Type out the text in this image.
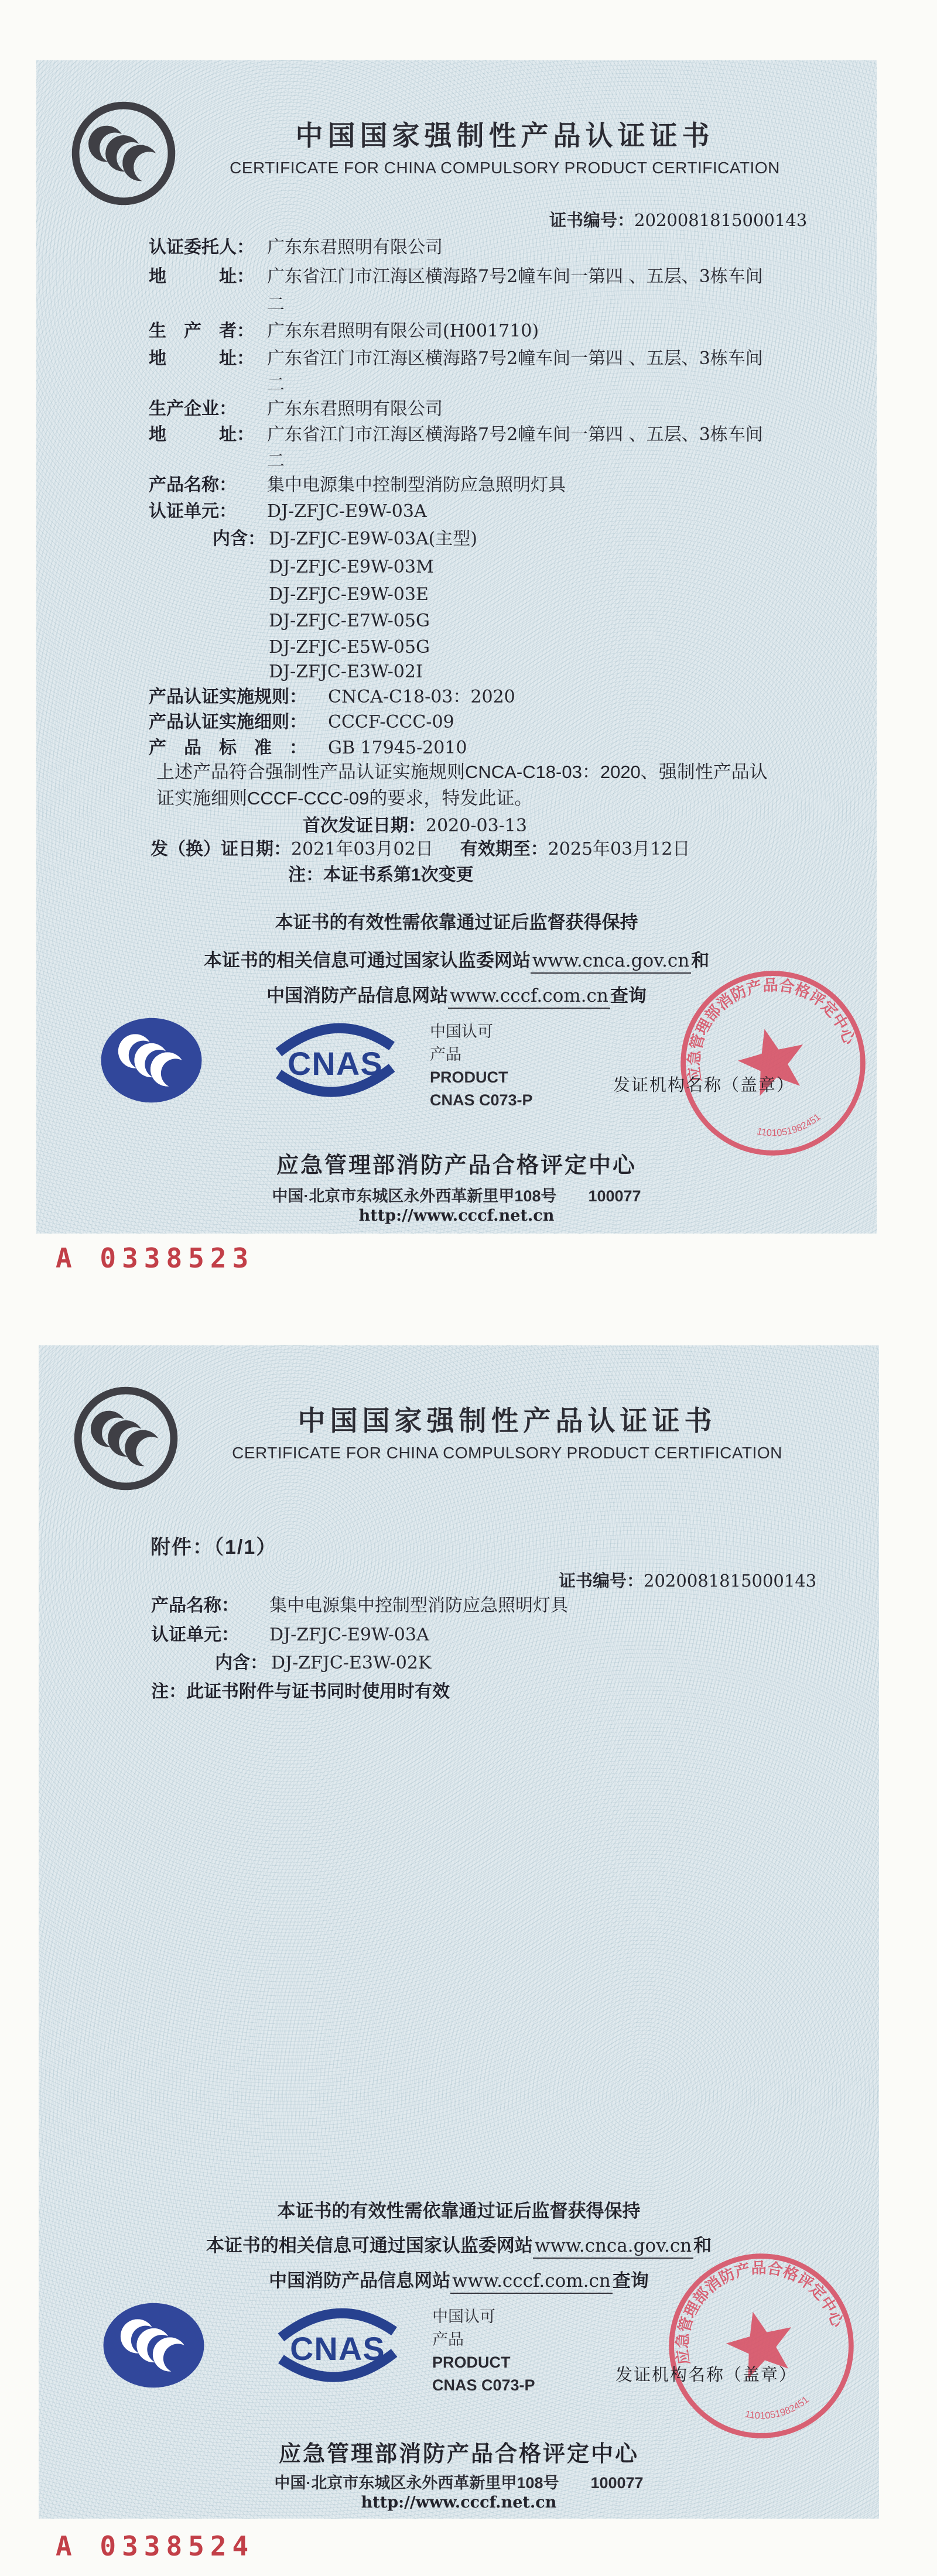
中国国家强制性产品认证证书
CERTIFICATE FOR CHINA COMPULSORY PRODUCT CERTIFICATION
证书编号：2020081815000143
认证委托人： 广东东君照明有限公司
地　　　址： 广东省江门市江海区横海路7号2幢车间一第四 、五层、3栋车间
二
生　产　者： 广东东君照明有限公司(H001710)
地　　　址： 广东省江门市江海区横海路7号2幢车间一第四 、五层、3栋车间
二
生产企业： 广东东君照明有限公司
地　　　址： 广东省江门市江海区横海路7号2幢车间一第四 、五层、3栋车间
二
产品名称： 集中电源集中控制型消防应急照明灯具
认证单元： DJ-ZFJC-E9W-03A
内含： DJ-ZFJC-E9W-03A(主型)
DJ-ZFJC-E9W-03M
DJ-ZFJC-E9W-03E
DJ-ZFJC-E7W-05G
DJ-ZFJC-E5W-05G
DJ-ZFJC-E3W-02I
产品认证实施规则： CNCA-C18-03：2020
产品认证实施细则： CCCF-CCC-09
产　品　标　准　： GB 17945-2010
上述产品符合强制性产品认证实施规则CNCA-C18-03：2020、强制性产品认
证实施细则CCCF-CCC-09的要求，特发此证。
首次发证日期：2020-03-13
发（换）证日期：2021年03月02日 有效期至：2025年03月12日
注：本证书系第1次变更
本证书的有效性需依靠通过证后监督获得保持
本证书的相关信息可通过国家认监委网站www.cnca.gov.cn和
中国消防产品信息网站www.cccf.com.cn查询
中国认可
产品
PRODUCT
CNAS C073-P
发证机构名称（盖章）
应急管理部消防产品合格评定中心
中国·北京市东城区永外西革新里甲108号　　100077
http://www.cccf.net.cn
A 0338523
中国国家强制性产品认证证书
CERTIFICATE FOR CHINA COMPULSORY PRODUCT CERTIFICATION
附件：（1/1）
证书编号：2020081815000143
产品名称： 集中电源集中控制型消防应急照明灯具
认证单元： DJ-ZFJC-E9W-03A
内含： DJ-ZFJC-E3W-02K
注：此证书附件与证书同时使用时有效
本证书的有效性需依靠通过证后监督获得保持
本证书的相关信息可通过国家认监委网站www.cnca.gov.cn和
中国消防产品信息网站www.cccf.com.cn查询
中国认可
产品
PRODUCT
CNAS C073-P
发证机构名称（盖章）
应急管理部消防产品合格评定中心
中国·北京市东城区永外西革新里甲108号　　100077
http://www.cccf.net.cn
A 0338524
